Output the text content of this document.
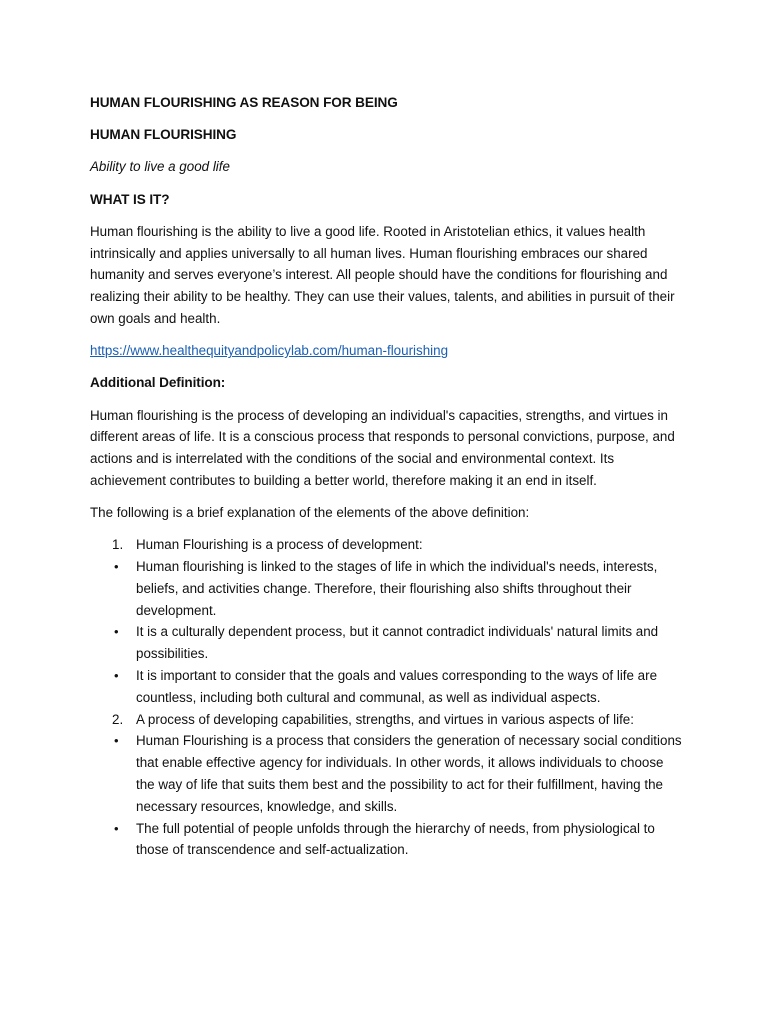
HUMAN FLOURISHING AS REASON FOR BEING
HUMAN FLOURISHING
Ability to live a good life
WHAT IS IT?

Human flourishing is the ability to live a good life. Rooted in Aristotelian ethics, it values health intrinsically and applies universally to all human lives. Human flourishing embraces our shared humanity and serves everyone’s interest. All people should have the conditions for flourishing and realizing their ability to be healthy. They can use their values, talents, and abilities in pursuit of their own goals and health.

https://www.healthequityandpolicylab.com/human-flourishing
Additional Definition:

Human flourishing is the process of developing an individual's capacities, strengths, and virtues in different areas of life. It is a conscious process that responds to personal convictions, purpose, and actions and is interrelated with the conditions of the social and environmental context. Its achievement contributes to building a better world, therefore making it an end in itself.

The following is a brief explanation of the elements of the above definition:

1. Human Flourishing is a process of development:
•	Human flourishing is linked to the stages of life in which the individual's needs, interests, beliefs, and activities change. Therefore, their flourishing also shifts throughout their development.
•	It is a culturally dependent process, but it cannot contradict individuals' natural limits and possibilities.
•	It is important to consider that the goals and values corresponding to the ways of life are countless, including both cultural and communal, as well as individual aspects.
2. A process of developing capabilities, strengths, and virtues in various aspects of life:
•	Human Flourishing is a process that considers the generation of necessary social conditions that enable effective agency for individuals. In other words, it allows individuals to choose the way of life that suits them best and the possibility to act for their fulfillment, having the necessary resources, knowledge, and skills.
•	The full potential of people unfolds through the hierarchy of needs, from physiological to those of transcendence and self-actualization.
